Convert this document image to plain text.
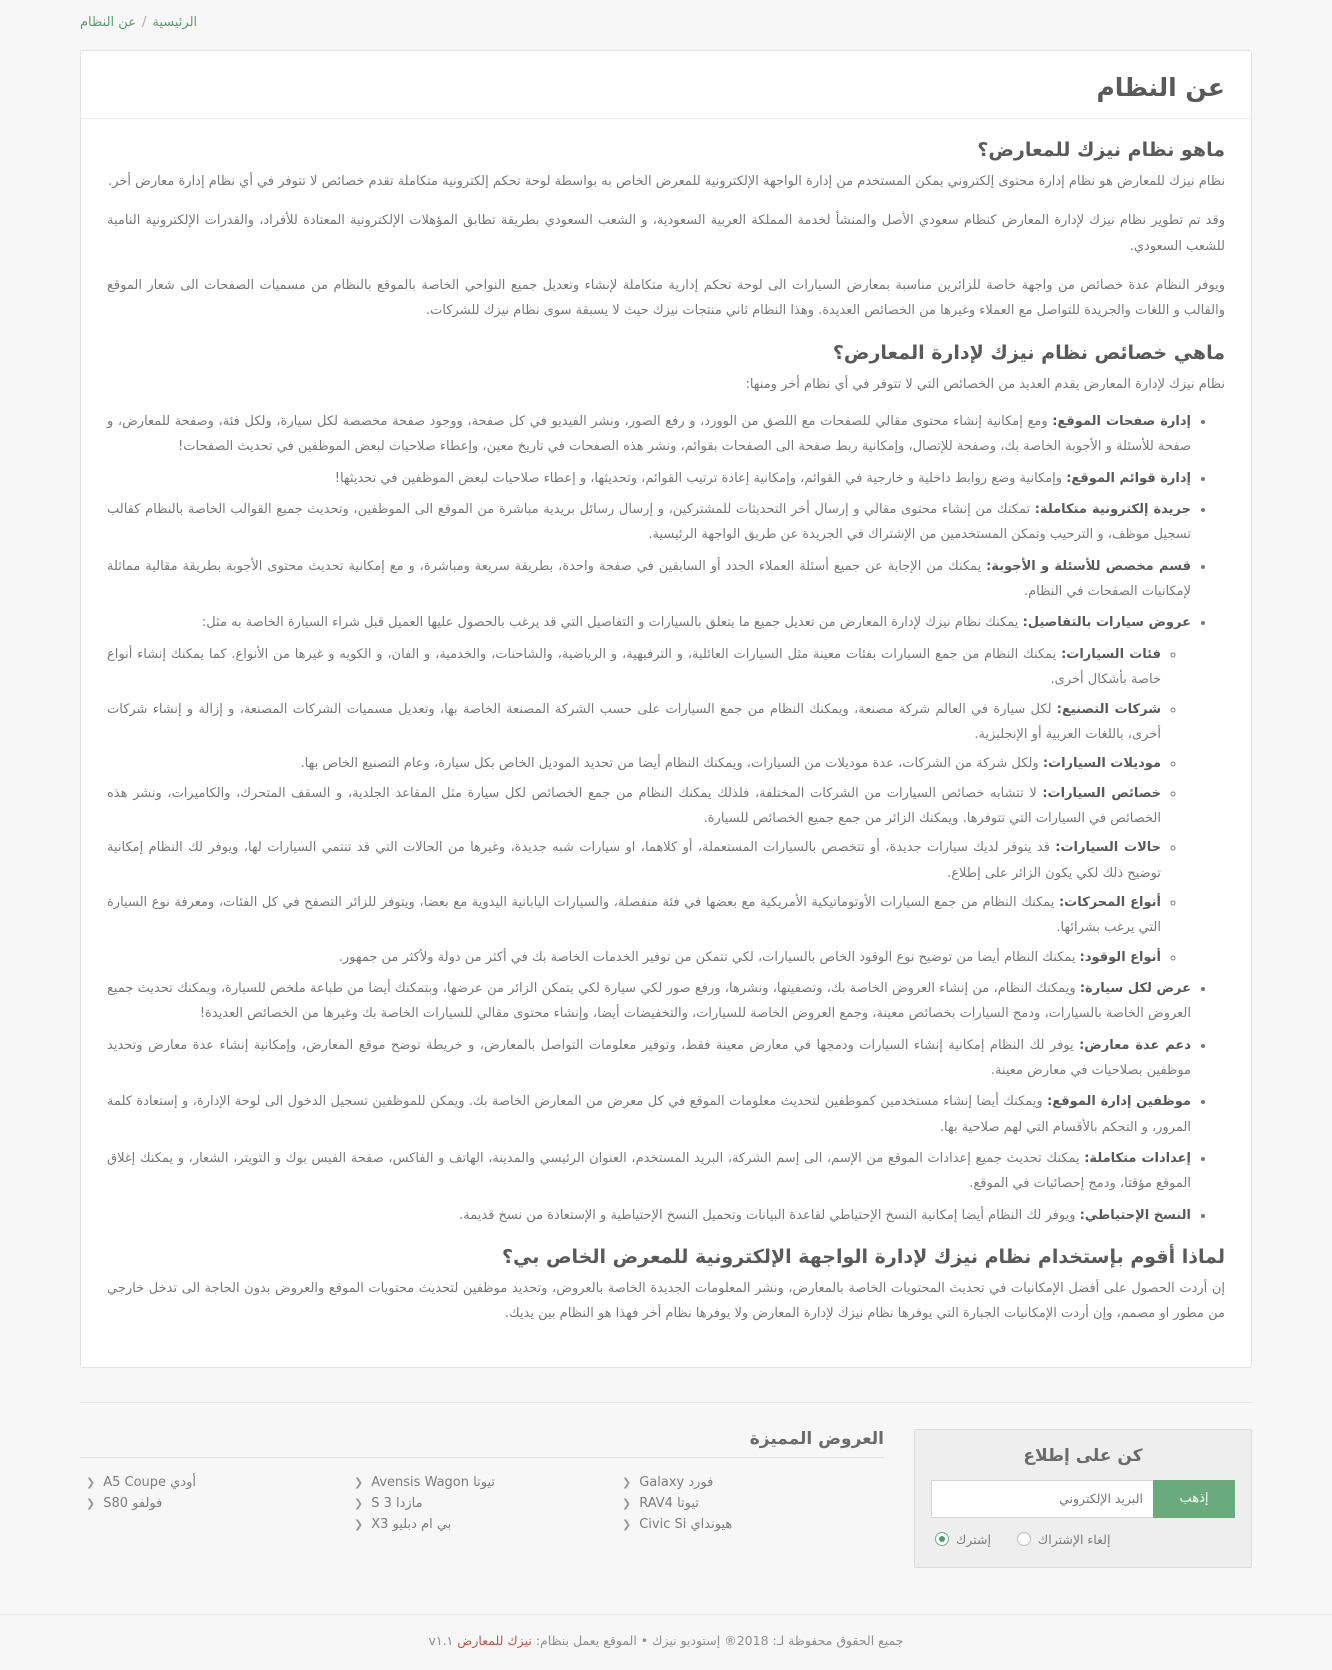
الرئيسية
/
عن النظام
عن النظام
ماهو نظام نيزك للمعارض؟

نظام نيزك للمعارض هو نظام إدارة محتوى إلكتروني يمكن المستخدم من إدارة الواجهة الإلكترونية للمعرض الخاص به بواسطة لوحة تحكم إلكترونية متكاملة تقدم خصائص لا تتوفر في أي نظام إدارة معارض أخر.

وقد تم تطوير نظام نيزك لإدارة المعارض كنظام سعودي الأصل والمنشأ لخدمة المملكة العربية السعودية، و الشعب السعودي بطريقة تطابق المؤهلات الإلكترونية المعتادة للأفراد، والقدرات الإلكترونية النامية للشعب السعودي.

ويوفر النظام عدة خصائص من واجهة خاصة للزائرين مناسبة بمعارض السيارات الى لوحة تحكم إدارية متكاملة لإنشاء وتعديل جميع النواحي الخاصة بالموقع بالنظام من مسميات الصفحات الى شعار الموقع والقالب و اللغات والجريدة للتواصل مع العملاء وغيرها من الخصائص العديدة. وهذا النظام ثاني منتجات نيزك حيث لا يسبقة سوى نظام نيزك للشركات.

ماهي خصائص نظام نيزك لإدارة المعارض؟

نظام نيزك لإدارة المعارض يقدم العديد من الخصائص التي لا تتوفر في أي نظام أخر ومنها:

• إدارة صفحات الموقع: ومع إمكانية إنشاء محتوى مقالي للصفحات مع اللصق من الوورد، و رفع الصور، ونشر الفيديو في كل صفحة، ووجود صفحة مخصصة لكل سيارة، ولكل فئة، وصفحة للمعارض، و صفحة للأسئلة و الأجوبة الخاصة بك، وصفحة للإتصال، وإمكانية ربط صفحة الى الصفحات بقوائم، ونشر هذه الصفحات في تاريخ معين، وإعطاء صلاحيات لبعض الموظفين في تحديث الصفحات!
• إدارة قوائم الموقع: وإمكانية وضع روابط داخلية و خارجية في القوائم، وإمكانية إعادة ترتيب القوائم، وتحديثها، و إعطاء صلاحيات لبعض الموظفين في تحديثها!
• جريدة إلكترونية متكاملة: تمكنك من إنشاء محتوى مقالي و إرسال أخر التحديثات للمشتركين، و إرسال رسائل بريدية مباشرة من الموقع الى الموظفين، وتحديث جميع القوالب الخاصة بالنظام كقالب تسجيل موظف، و الترحيب وتمكن المستخدمين من الإشتراك في الجريدة عن طريق الواجهة الرئيسية.
• قسم مخصص للأسئلة و الأجوبة: يمكنك من الإجابة عن جميع أسئلة العملاء الجدد أو السابقين في صفحة واحدة، بطريقة سريعة ومباشرة، و مع إمكانية تحديث محتوى الأجوبة بطريقة مقالية مماثلة لإمكانيات الصفحات في النظام.
• عروض سيارات بالتفاصيل: يمكنك نظام نيزك لإدارة المعارض من تعديل جميع ما يتعلق بالسيارات و التفاصيل التي قد يرغب بالحصول عليها العميل قبل شراء السيارة الخاصة به مثل:
◦ فئات السيارات: يمكنك النظام من جمع السيارات بفئات معينة مثل السيارات العائلية، و الترفيهية، و الرياضية، والشاحنات، والخدمية، و الفان، و الكويه و غيرها من الأنواع. كما يمكنك إنشاء أنواع خاصة بأشكال أخرى.
◦ شركات التصنيع: لكل سيارة في العالم شركة مصنعة، ويمكنك النظام من جمع السيارات على حسب الشركة المصنعة الخاصة بها، وتعديل مسميات الشركات المصنعة، و إزالة و إنشاء شركات أخرى، باللغات العربية أو الإنجليزية.
◦ موديلات السيارات: ولكل شركة من الشركات، عدة موديلات من السيارات، ويمكنك النظام أيضا من تحديد الموديل الخاص بكل سيارة، وعام التصنيع الخاص بها.
◦ خصائص السيارات: لا تتشابه خصائص السيارات من الشركات المختلفة، فلذلك يمكنك النظام من جمع الخصائص لكل سيارة مثل المقاعد الجلدية، و السقف المتحرك، والكاميرات، ونشر هذه الخصائص في السيارات التي تتوفرها. ويمكنك الزائر من جمع جميع الخصائص للسيارة.
◦ حالات السيارات: قد يتوفر لديك سيارات جديدة، أو تتخصص بالسيارات المستعملة، أو كلاهما، او سيارات شبه جديدة، وغيرها من الحالات التي قد تنتمي السيارات لها، ويوفر لك النظام إمكانية توضيح ذلك لكي يكون الزائر على إطلاع.
◦ أنواع المحركات: يمكنك النظام من جمع السيارات الأوتوماتيكية الأمريكية مع بعضها في فئة منفصلة، والسيارات اليابانية اليدوية مع بعضا، ويتوفر للزائر التصفح في كل الفئات، ومعرفة نوع السيارة التي يرغب بشرائها.
◦ أنواع الوقود: يمكنك النظام أيضا من توضيح نوع الوقود الخاص بالسيارات، لكي تتمكن من توفير الخدمات الخاصة بك في أكثر من دولة ولأكثر من جمهور.
• عرض لكل سيارة: ويمكنك النظام، من إنشاء العروض الخاصة بك، وتصفيتها، ونشرها، ورفع صور لكي سيارة لكي يتمكن الزائر من عرضها، وبتمكنك أيضا من طباعة ملخص للسيارة، ويمكنك تحديث جميع العروض الخاصة بالسيارات، ودمج السيارات بخصائص معينة، وجمع العروض الخاصة للسيارات، والتخفيضات أيضا، وإنشاء محتوى مقالي للسيارات الخاصة بك وغيرها من الخصائص العديدة!
• دعم عدة معارض: يوفر لك النظام إمكانية إنشاء السيارات ودمجها في معارض معينة فقط، وتوفير معلومات التواصل بالمعارض، و خريطة توضح موقع المعارض، وإمكانية إنشاء عدة معارض وتحديد موظفين بصلاحيات في معارض معينة.
• موظفين إدارة الموقع: ويمكنك أيضا إنشاء مستخدمين كموظفين لتحديث معلومات الموقع في كل معرض من المعارض الخاصة بك. ويمكن للموظفين تسجيل الدخول الى لوحة الإدارة، و إستعادة كلمة المرور، و التحكم بالأقسام التي لهم صلاحية بها.
• إعدادات متكاملة: يمكنك تحديث جميع إعدادات الموقع من الإسم، الى إسم الشركة، البريد المستخدم، العنوان الرئيسي والمدينة، الهاتف و الفاكس، صفحة الفيس بوك و التويتر، الشعار، و يمكنك إغلاق الموقع مؤقتا، ودمج إحصائيات في الموقع.
• النسخ الإحتياطي: ويوفر لك النظام أيضا إمكانية النسخ الإحتياطي لقاعدة البيانات وتحميل النسخ الإحتياطية و الإستعادة من نسخ قديمة.
لماذا أقوم بإستخدام نظام نيزك لإدارة الواجهة الإلكترونية للمعرض الخاص بي؟

إن أردت الحصول على أفضل الإمكانيات في تحديث المحتويات الخاصة بالمعارض، ونشر المعلومات الجديدة الخاصة بالعروض، وتحديد موظفين لتحديث محتويات الموقع والعروض بدون الحاجة الى تدخل خارجي من مطور او مصمم، وإن أردت الإمكانيات الجبارة التي يوفرها نظام نيزك لإدارة المعارض ولا يوفرها نظام أخر فهذا هو النظام بين يديك.

العروض المميزة
❮ فورد Galaxy
❮ تيوتا RAV4
❮ هيونداي Civic Si
❮ تيوتا Avensis Wagon
❮ مازدا S 3
❮ بي ام دبليو X3
❮ أودي A5 Coupe
❮ فولفو S80
كن على إطلاع
البريد الإلكتروني
إذهب
إشترك	إلغاء الإشتراك
جميع الحقوق محفوظة لـ: 2018® إستوديو نيزك • الموقع يعمل بنظام: نيزك للمعارض v١.١
